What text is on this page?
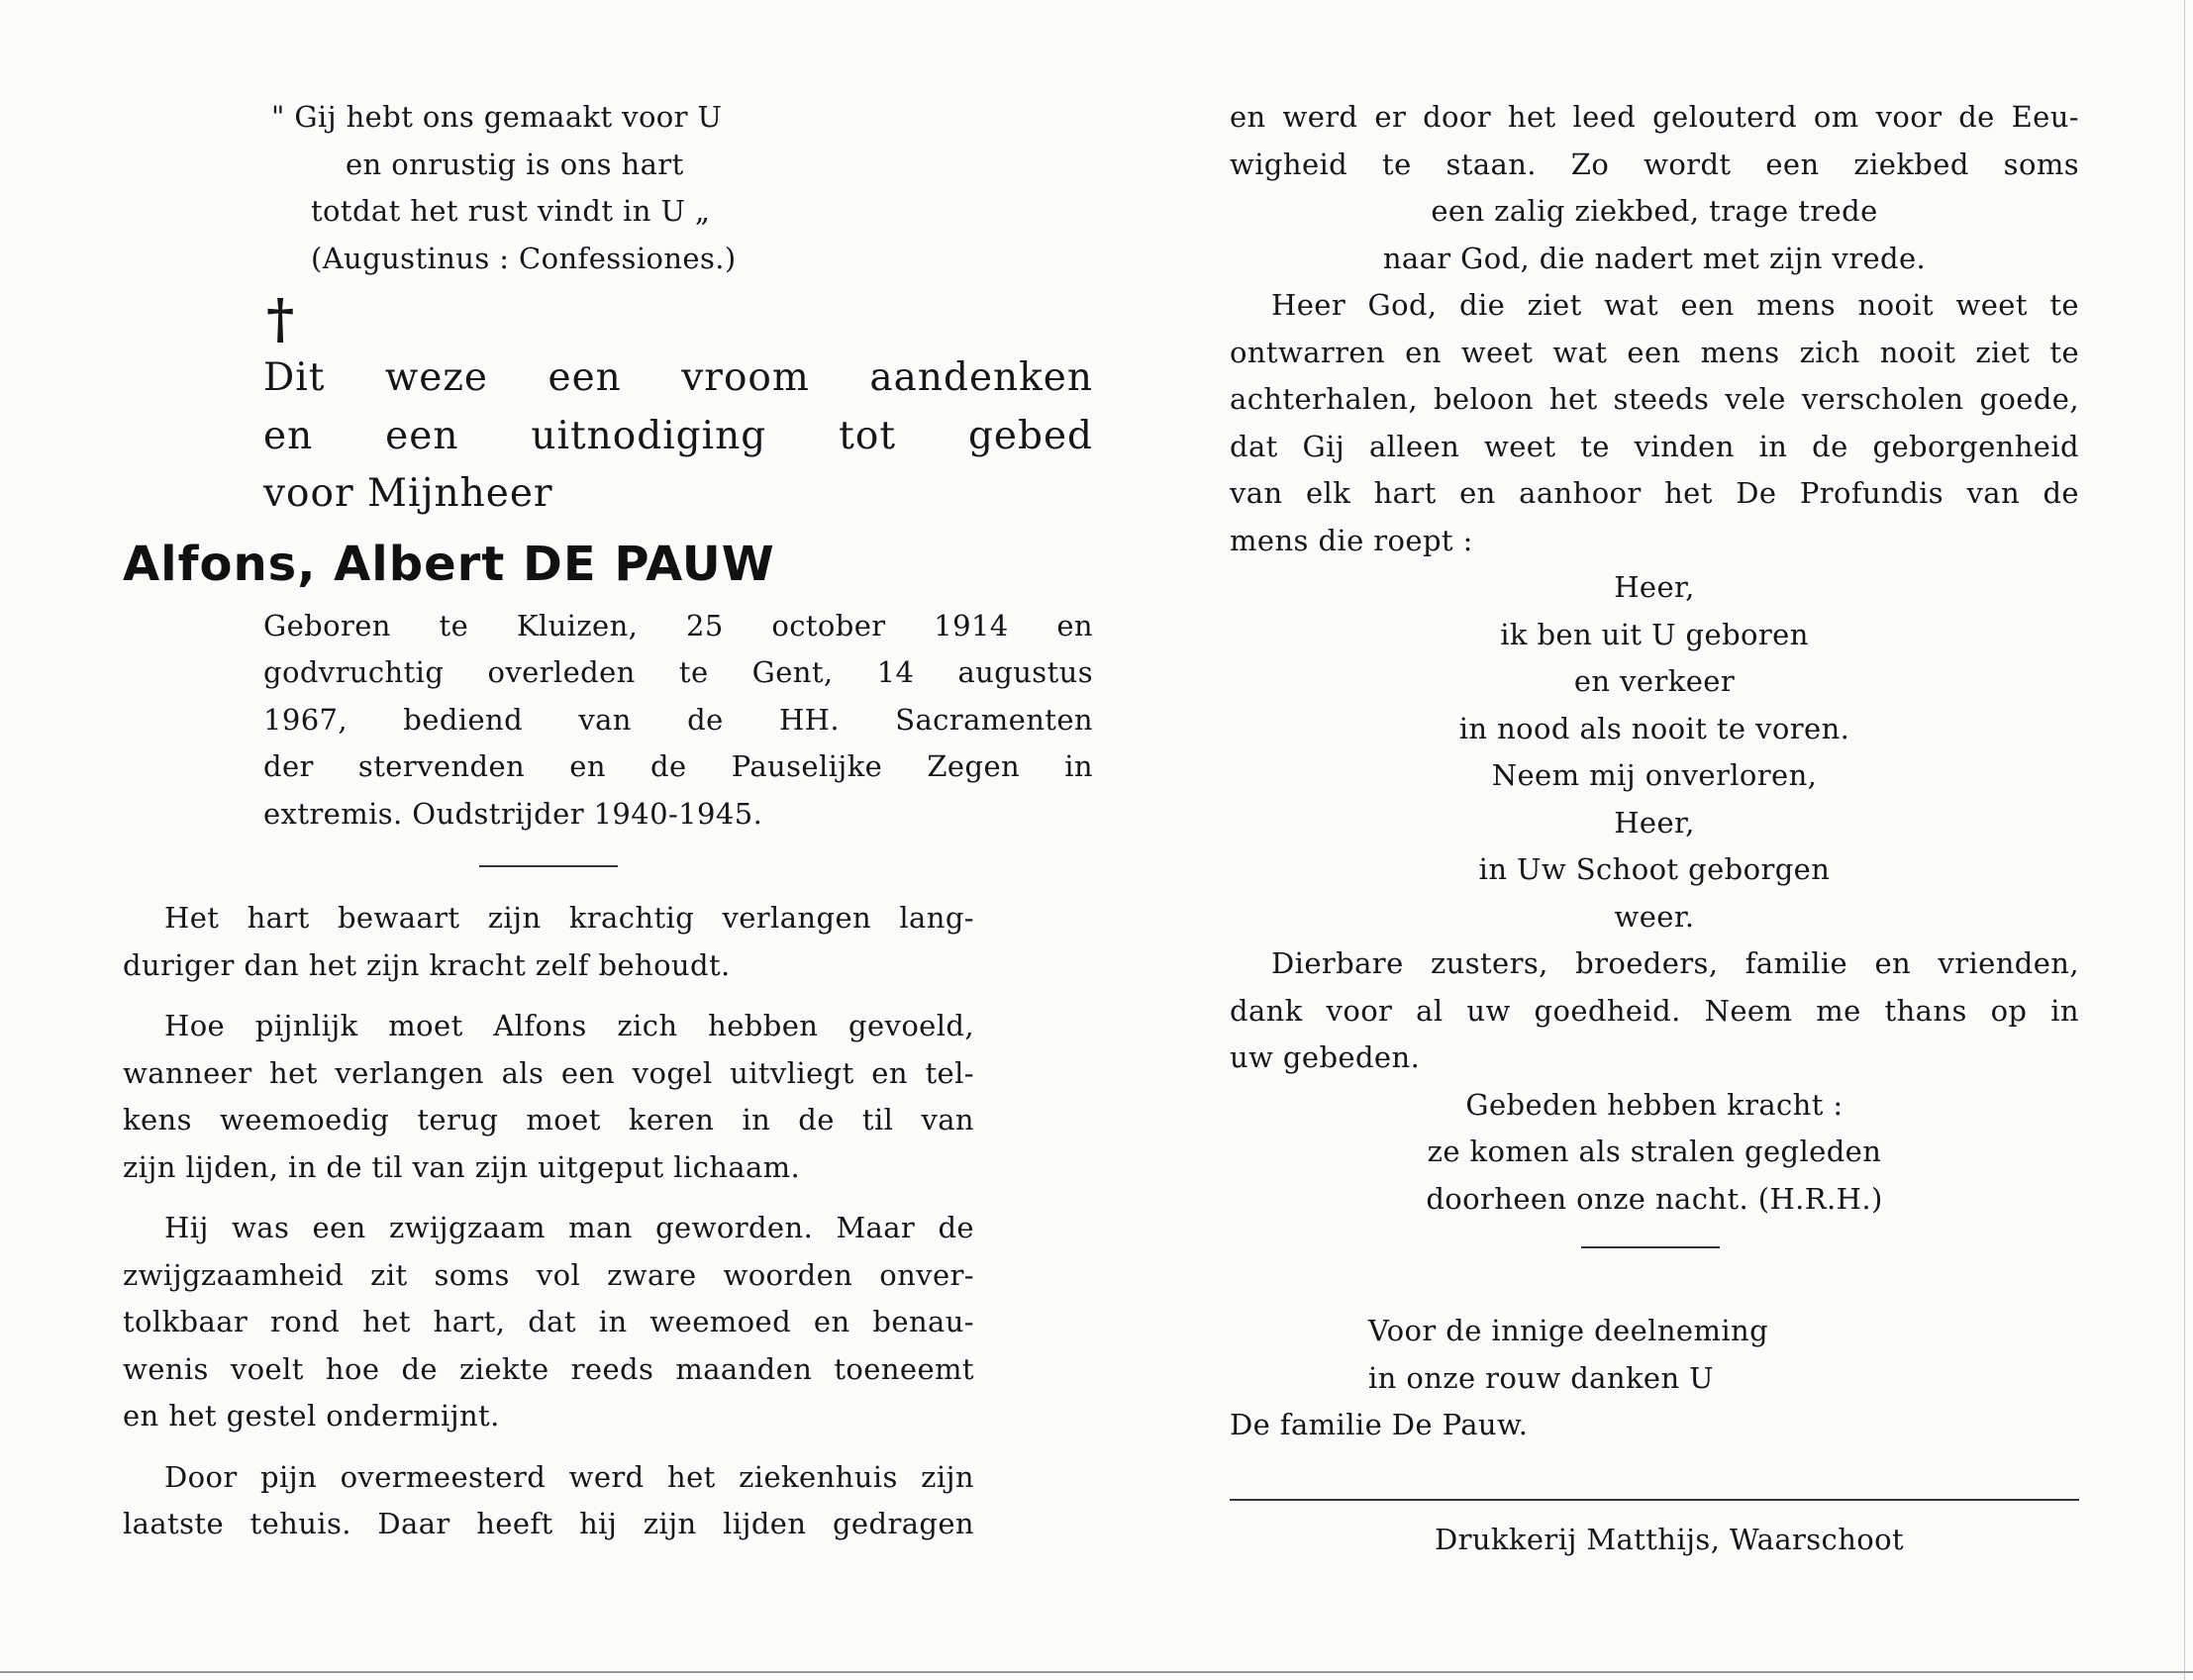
" Gij hebt ons gemaakt voor U

en onrustig is ons hart

totdat het rust vindt in U „

(Augustinus : Confessiones.)

†

Dit weze een vroom aandenken

en een uitnodiging tot gebed

voor Mijnheer

Alfons, Albert DE PAUW

Geboren te Kluizen, 25 october 1914 en

godvruchtig overleden te Gent, 14 augustus

1967, bediend van de HH. Sacramenten

der stervenden en de Pauselijke Zegen in

extremis. Oudstrijder 1940-1945.

Het hart bewaart zijn krachtig verlangen lang-

duriger dan het zijn kracht zelf behoudt.

Hoe pijnlijk moet Alfons zich hebben gevoeld,

wanneer het verlangen als een vogel uitvliegt en tel-

kens weemoedig terug moet keren in de til van

zijn lijden, in de til van zijn uitgeput lichaam.

Hij was een zwijgzaam man geworden. Maar de

zwijgzaamheid zit soms vol zware woorden onver-

tolkbaar rond het hart, dat in weemoed en benau-

wenis voelt hoe de ziekte reeds maanden toeneemt

en het gestel ondermijnt.

Door pijn overmeesterd werd het ziekenhuis zijn

laatste tehuis. Daar heeft hij zijn lijden gedragen

en werd er door het leed gelouterd om voor de Eeu-

wigheid te staan. Zo wordt een ziekbed soms

een zalig ziekbed, trage trede

naar God, die nadert met zijn vrede.

Heer God, die ziet wat een mens nooit weet te

ontwarren en weet wat een mens zich nooit ziet te

achterhalen, beloon het steeds vele verscholen goede,

dat Gij alleen weet te vinden in de geborgenheid

van elk hart en aanhoor het De Profundis van de

mens die roept :

Heer,

ik ben uit U geboren

en verkeer

in nood als nooit te voren.

Neem mij onverloren,

Heer,

in Uw Schoot geborgen

weer.

Dierbare zusters, broeders, familie en vrienden,

dank voor al uw goedheid. Neem me thans op in

uw gebeden.

Gebeden hebben kracht :

ze komen als stralen gegleden

doorheen onze nacht. (H.R.H.)

Voor de innige deelneming

in onze rouw danken U

De familie De Pauw.

Drukkerij Matthijs, Waarschoot
